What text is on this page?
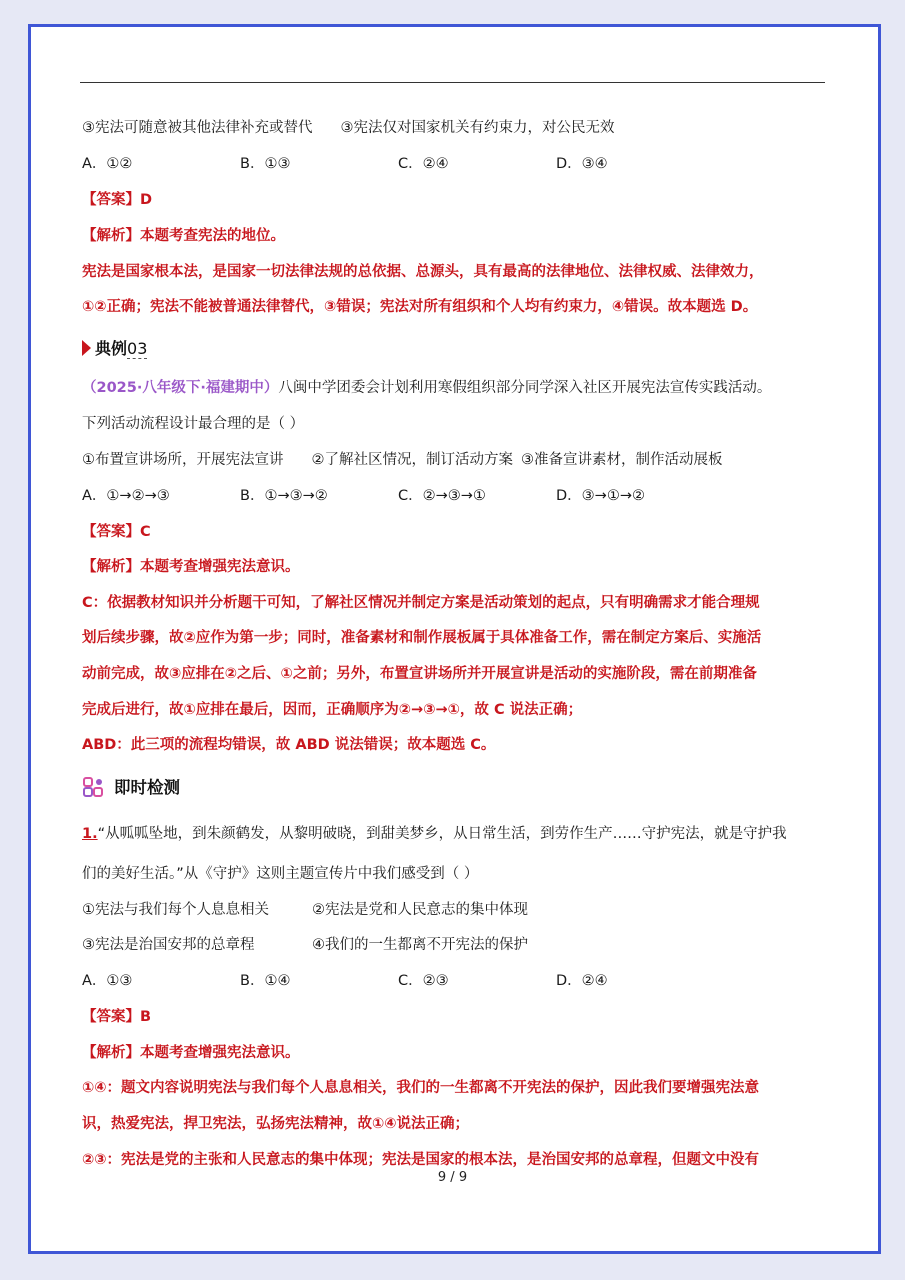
③宪法可随意被其他法律补充或替代 ③宪法仅对国家机关有约束力，对公民无效
A．①②	B．①③	C．②④	D．③④
【答案】D
【解析】本题考查宪法的地位。
宪法是国家根本法，是国家一切法律法规的总依据、总源头，具有最高的法律地位、法律权威、法律效力，
①②正确；宪法不能被普通法律替代，③错误；宪法对所有组织和个人均有约束力，④错误。故本题选 D。
典例03
（2025·八年级下·福建期中）八闽中学团委会计划利用寒假组织部分同学深入社区开展宪法宣传实践活动。
下列活动流程设计最合理的是（ ）
①布置宣讲场所，开展宪法宣讲 ②了解社区情况，制订活动方案 ③准备宣讲素材，制作活动展板
A．①→②→③	B．①→③→②	C．②→③→①	D．③→①→②
【答案】C
【解析】本题考查增强宪法意识。
C：依据教材知识并分析题干可知，了解社区情况并制定方案是活动策划的起点，只有明确需求才能合理规
划后续步骤，故②应作为第一步；同时，准备素材和制作展板属于具体准备工作，需在制定方案后、实施活
动前完成，故③应排在②之后、①之前；另外，布置宣讲场所并开展宣讲是活动的实施阶段，需在前期准备
完成后进行，故①应排在最后，因而，正确顺序为②→③→①，故 C 说法正确；
ABD：此三项的流程均错误，故 ABD 说法错误；故本题选 C。
即时检测
1.“从呱呱坠地，到朱颜鹤发，从黎明破晓，到甜美梦乡，从日常生活，到劳作生产……守护宪法，就是守护我
们的美好生活。”从《守护》这则主题宣传片中我们感受到（ ）
①宪法与我们每个人息息相关	②宪法是党和人民意志的集中体现
③宪法是治国安邦的总章程	④我们的一生都离不开宪法的保护
A．①③	B．①④	C．②③	D．②④
【答案】B
【解析】本题考查增强宪法意识。
①④：题文内容说明宪法与我们每个人息息相关，我们的一生都离不开宪法的保护，因此我们要增强宪法意
识，热爱宪法，捍卫宪法，弘扬宪法精神，故①④说法正确；
②③：宪法是党的主张和人民意志的集中体现；宪法是国家的根本法，是治国安邦的总章程，但题文中没有
9 / 9
